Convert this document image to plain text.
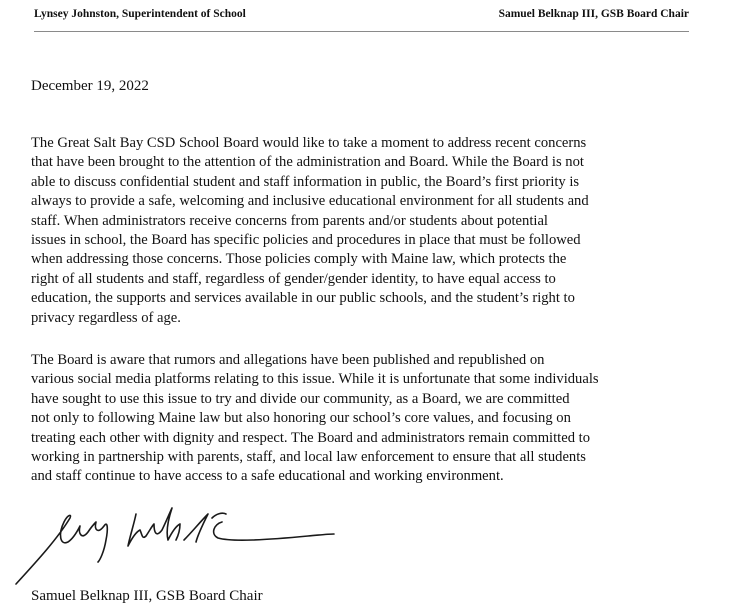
Lynsey Johnston, Superintendent of School	Samuel Belknap III, GSB Board Chair
December 19, 2022

The Great Salt Bay CSD School Board would like to take a moment to address recent concerns
that have been brought to the attention of the administration and Board. While the Board is not
able to discuss confidential student and staff information in public, the Board’s first priority is
always to provide a safe, welcoming and inclusive educational environment for all students and
staff. When administrators receive concerns from parents and/or students about potential
issues in school, the Board has specific policies and procedures in place that must be followed
when addressing those concerns. Those policies comply with Maine law, which protects the
right of all students and staff, regardless of gender/gender identity, to have equal access to
education, the supports and services available in our public schools, and the student’s right to
privacy regardless of age.

The Board is aware that rumors and allegations have been published and republished on
various social media platforms relating to this issue. While it is unfortunate that some individuals
have sought to use this issue to try and divide our community, as a Board, we are committed
not only to following Maine law but also honoring our school’s core values, and focusing on
treating each other with dignity and respect. The Board and administrators remain committed to
working in partnership with parents, staff, and local law enforcement to ensure that all students
and staff continue to have access to a safe educational and working environment.

Samuel Belknap III, GSB Board Chair
